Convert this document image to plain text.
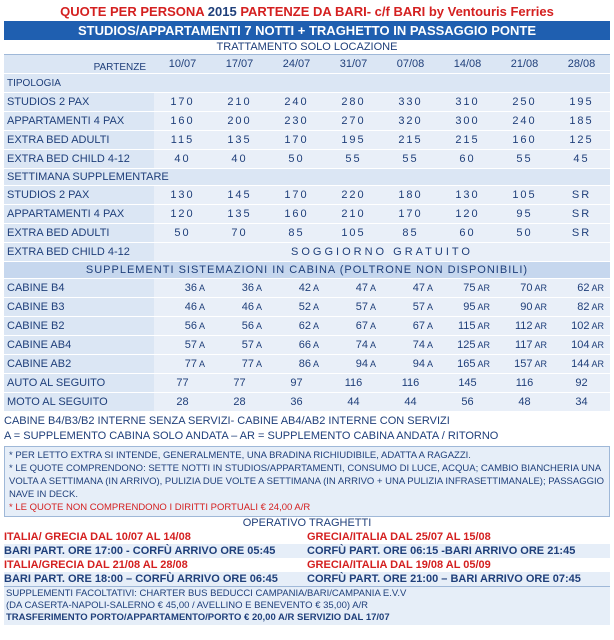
QUOTE PER PERSONA 2015 PARTENZE DA BARI- c/f BARI by Ventouris Ferries
STUDIOS/APPARTAMENTI 7 NOTTI + TRAGHETTO IN PASSAGGIO PONTE
TRATTAMENTO SOLO LOCAZIONE
PARTENZE	10/07	17/07	24/07	31/07	07/08	14/08	21/08	28/08
TIPOLOGIA								
STUDIOS 2 PAX	170	210	240	280	330	310	250	195
APPARTAMENTI 4 PAX	160	200	230	270	320	300	240	185
EXTRA BED ADULTI	115	135	170	195	215	215	160	125
EXTRA BED CHILD 4-12	40	40	50	55	55	60	55	45
SETTIMANA SUPPLEMENTARE								
STUDIOS 2 PAX	130	145	170	220	180	130	105	SR
APPARTAMENTI 4 PAX	120	135	160	210	170	120	95	SR
EXTRA BED ADULTI	50	70	85	105	85	60	50	SR
EXTRA BED CHILD 4-12	SOGGIORNO GRATUITO							
SUPPLEMENTI SISTEMAZIONI IN CABINA (POLTRONE NON DISPONIBILI)								
CABINE B4	36 A	36 A	42 A	47 A	47 A	75 AR	70 AR	62 AR
CABINE B3	46 A	46 A	52 A	57 A	57 A	95 AR	90 AR	82 AR
CABINE B2	56 A	56 A	62 A	67 A	67 A	115 AR	112 AR	102 AR
CABINE AB4	57 A	57 A	66 A	74 A	74 A	125 AR	117 AR	104 AR
CABINE AB2	77 A	77 A	86 A	94 A	94 A	165 AR	157 AR	144 AR
AUTO AL SEGUITO	77	77	97	116	116	145	116	92
MOTO AL SEGUITO	28	28	36	44	44	56	48	34
CABINE B4/B3/B2 INTERNE SENZA SERVIZI- CABINE AB4/AB2 INTERNE CON SERVIZI
A = SUPPLEMENTO CABINA SOLO ANDATA – AR = SUPPLEMENTO CABINA ANDATA / RITORNO
* PER LETTO EXTRA SI INTENDE, GENERALMENTE, UNA BRADINA RICHIUDIBILE, ADATTA A RAGAZZI.
* LE QUOTE COMPRENDONO: SETTE NOTTI IN STUDIOS/APPARTAMENTI, CONSUMO DI LUCE, ACQUA; CAMBIO BIANCHERIA UNA VOLTA A SETTIMANA (IN ARRIVO), PULIZIA DUE VOLTE A SETTIMANA (IN ARRIVO + UNA PULIZIA INFRASETTIMANALE); PASSAGGIO NAVE IN DECK.
* LE QUOTE NON COMPRENDONO I DIRITTI PORTUALI € 24,00 A/R
OPERATIVO TRAGHETTI
ITALIA/ GRECIA DAL 10/07 AL 14/08
BARI PART. ORE 17:00 - CORFÙ ARRIVO ORE 05:45
ITALIA/GRECIA DAL 21/08 AL 28/08
BARI PART. ORE 18:00 – CORFÙ ARRIVO ORE 06:45
GRECIA/ITALIA DAL 25/07 AL 15/08
CORFÙ PART. ORE 06:15 -BARI ARRIVO ORE 21:45
GRECIA/ITALIA DAL 19/08 AL 05/09
CORFÙ PART. ORE 21:00 – BARI ARRIVO ORE 07:45
SUPPLEMENTI FACOLTATIVI: CHARTER BUS BEDUCCI CAMPANIA/BARI/CAMPANIA E.V.V
(DA CASERTA-NAPOLI-SALERNO € 45,00 / AVELLINO E BENEVENTO € 35,00) A/R
TRASFERIMENTO PORTO/APPARTAMENTO/PORTO € 20,00 A/R SERVIZIO DAL 17/07
